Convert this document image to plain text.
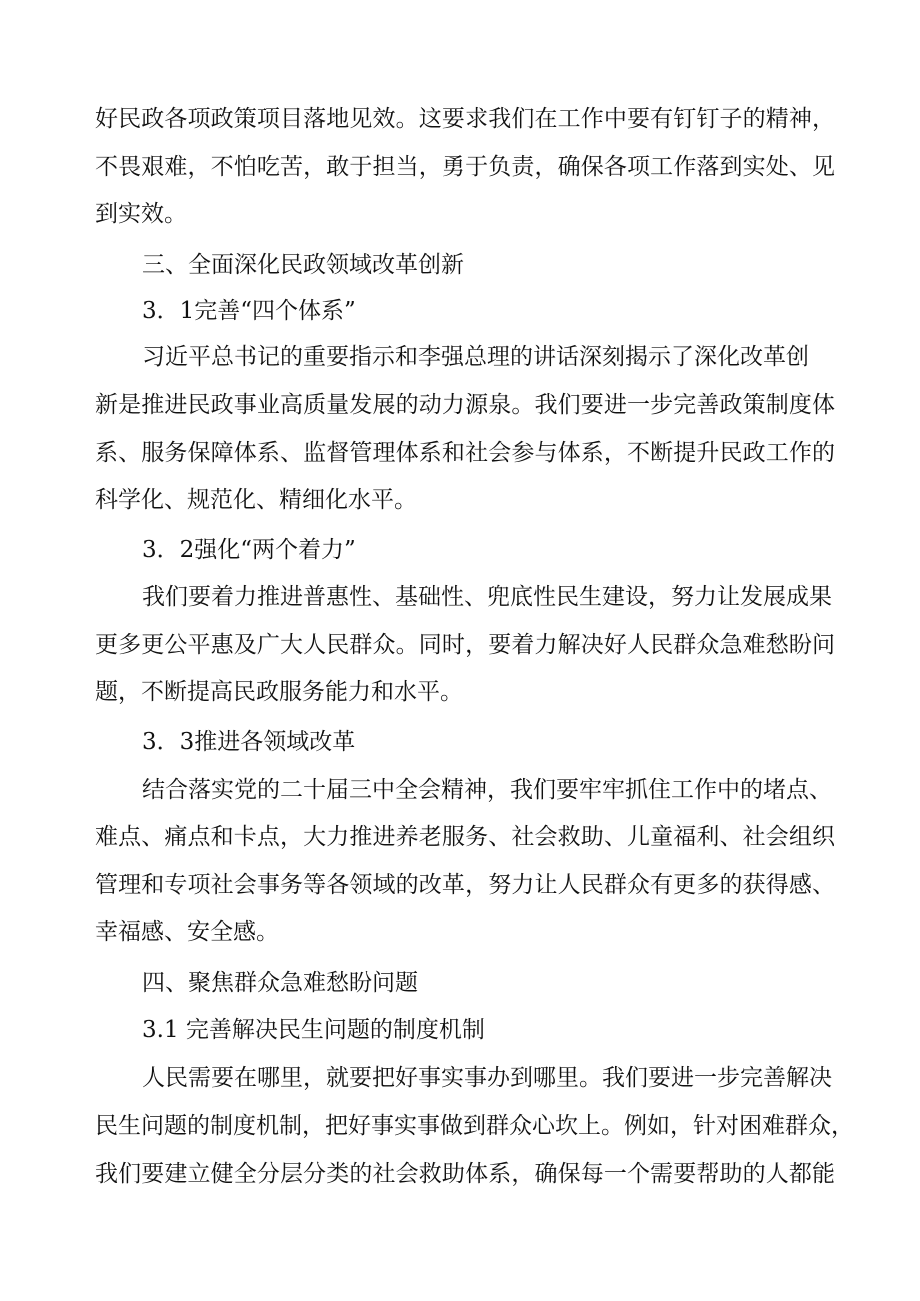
好民政各项政策项目落地见效。这要求我们在工作中要有钉钉子的精神，
不畏艰难，不怕吃苦，敢于担当，勇于负责，确保各项工作落到实处、见
到实效。
三、全面深化民政领域改革创新
3．1完善“四个体系”
习近平总书记的重要指示和李强总理的讲话深刻揭示了深化改革创
新是推进民政事业高质量发展的动力源泉。我们要进一步完善政策制度体
系、服务保障体系、监督管理体系和社会参与体系，不断提升民政工作的
科学化、规范化、精细化水平。
3．2强化“两个着力”
我们要着力推进普惠性、基础性、兜底性民生建设，努力让发展成果
更多更公平惠及广大人民群众。同时，要着力解决好人民群众急难愁盼问
题，不断提高民政服务能力和水平。
3．3推进各领域改革
结合落实党的二十届三中全会精神，我们要牢牢抓住工作中的堵点、
难点、痛点和卡点，大力推进养老服务、社会救助、儿童福利、社会组织
管理和专项社会事务等各领域的改革，努力让人民群众有更多的获得感、
幸福感、安全感。
四、聚焦群众急难愁盼问题
3.1 完善解决民生问题的制度机制
人民需要在哪里，就要把好事实事办到哪里。我们要进一步完善解决
民生问题的制度机制，把好事实事做到群众心坎上。例如，针对困难群众，
我们要建立健全分层分类的社会救助体系，确保每一个需要帮助的人都能
